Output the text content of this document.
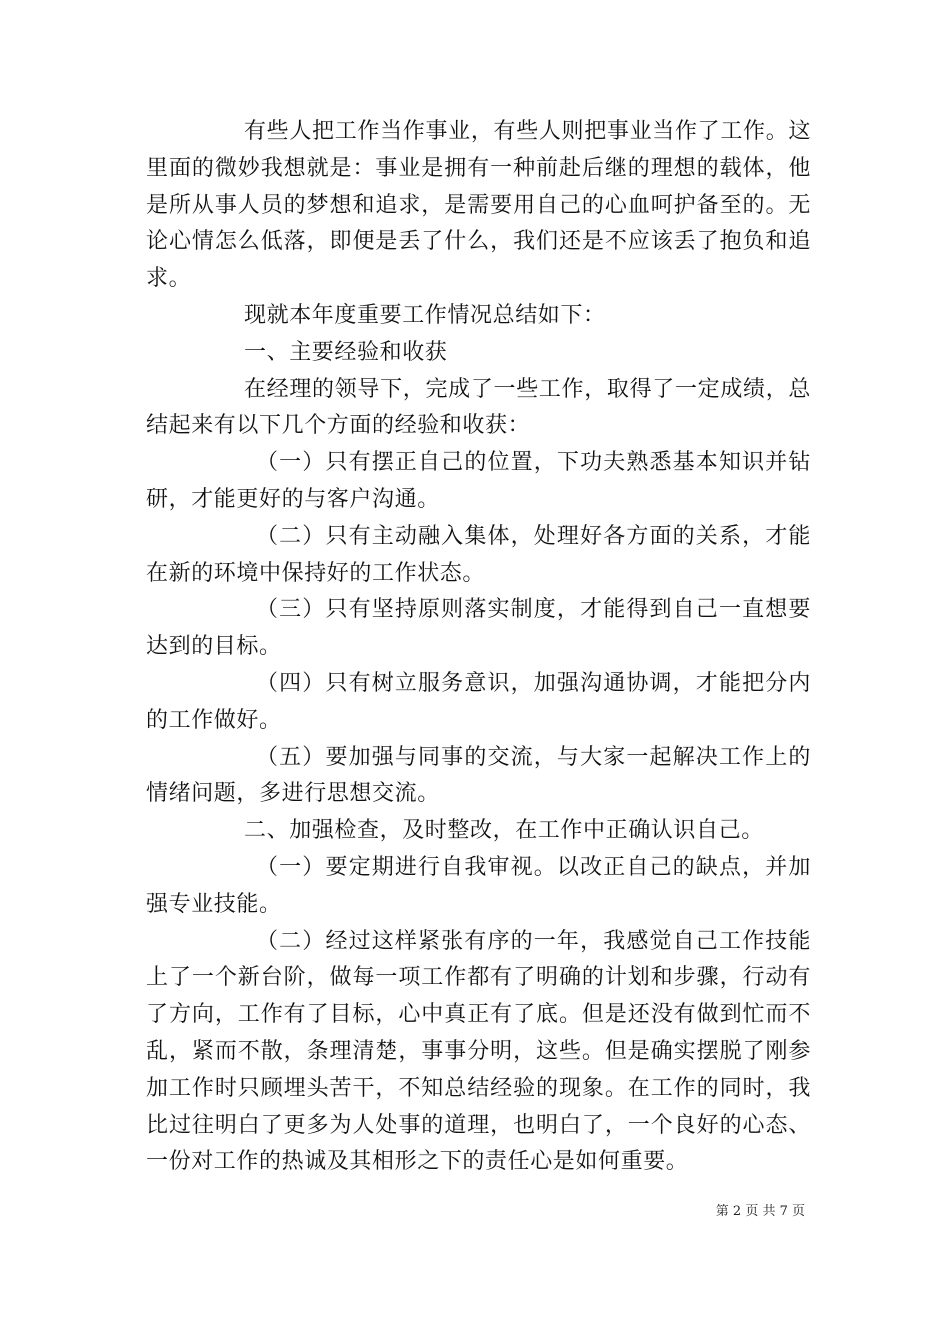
有些人把工作当作事业，有些人则把事业当作了工作。这里面的微妙我想就是：事业是拥有一种前赴后继的理想的载体，他是所从事人员的梦想和追求，是需要用自己的心血呵护备至的。无论心情怎么低落，即便是丢了什么，我们还是不应该丢了抱负和追求。

现就本年度重要工作情况总结如下：

一、主要经验和收获

在经理的领导下，完成了一些工作，取得了一定成绩，总结起来有以下几个方面的经验和收获：

（一）只有摆正自己的位置，下功夫熟悉基本知识并钻研，才能更好的与客户沟通。

（二）只有主动融入集体，处理好各方面的关系，才能在新的环境中保持好的工作状态。

（三）只有坚持原则落实制度，才能得到自己一直想要达到的目标。

（四）只有树立服务意识，加强沟通协调，才能把分内的工作做好。

（五）要加强与同事的交流，与大家一起解决工作上的情绪问题，多进行思想交流。

二、加强检查，及时整改，在工作中正确认识自己。

（一）要定期进行自我审视。以改正自己的缺点，并加强专业技能。

（二）经过这样紧张有序的一年，我感觉自己工作技能上了一个新台阶，做每一项工作都有了明确的计划和步骤，行动有了方向，工作有了目标，心中真正有了底。但是还没有做到忙而不乱，紧而不散，条理清楚，事事分明，这些。但是确实摆脱了刚参加工作时只顾埋头苦干，不知总结经验的现象。在工作的同时，我比过往明白了更多为人处事的道理，也明白了，一个良好的心态、一份对工作的热诚及其相形之下的责任心是如何重要。

第 2 页 共 7 页
